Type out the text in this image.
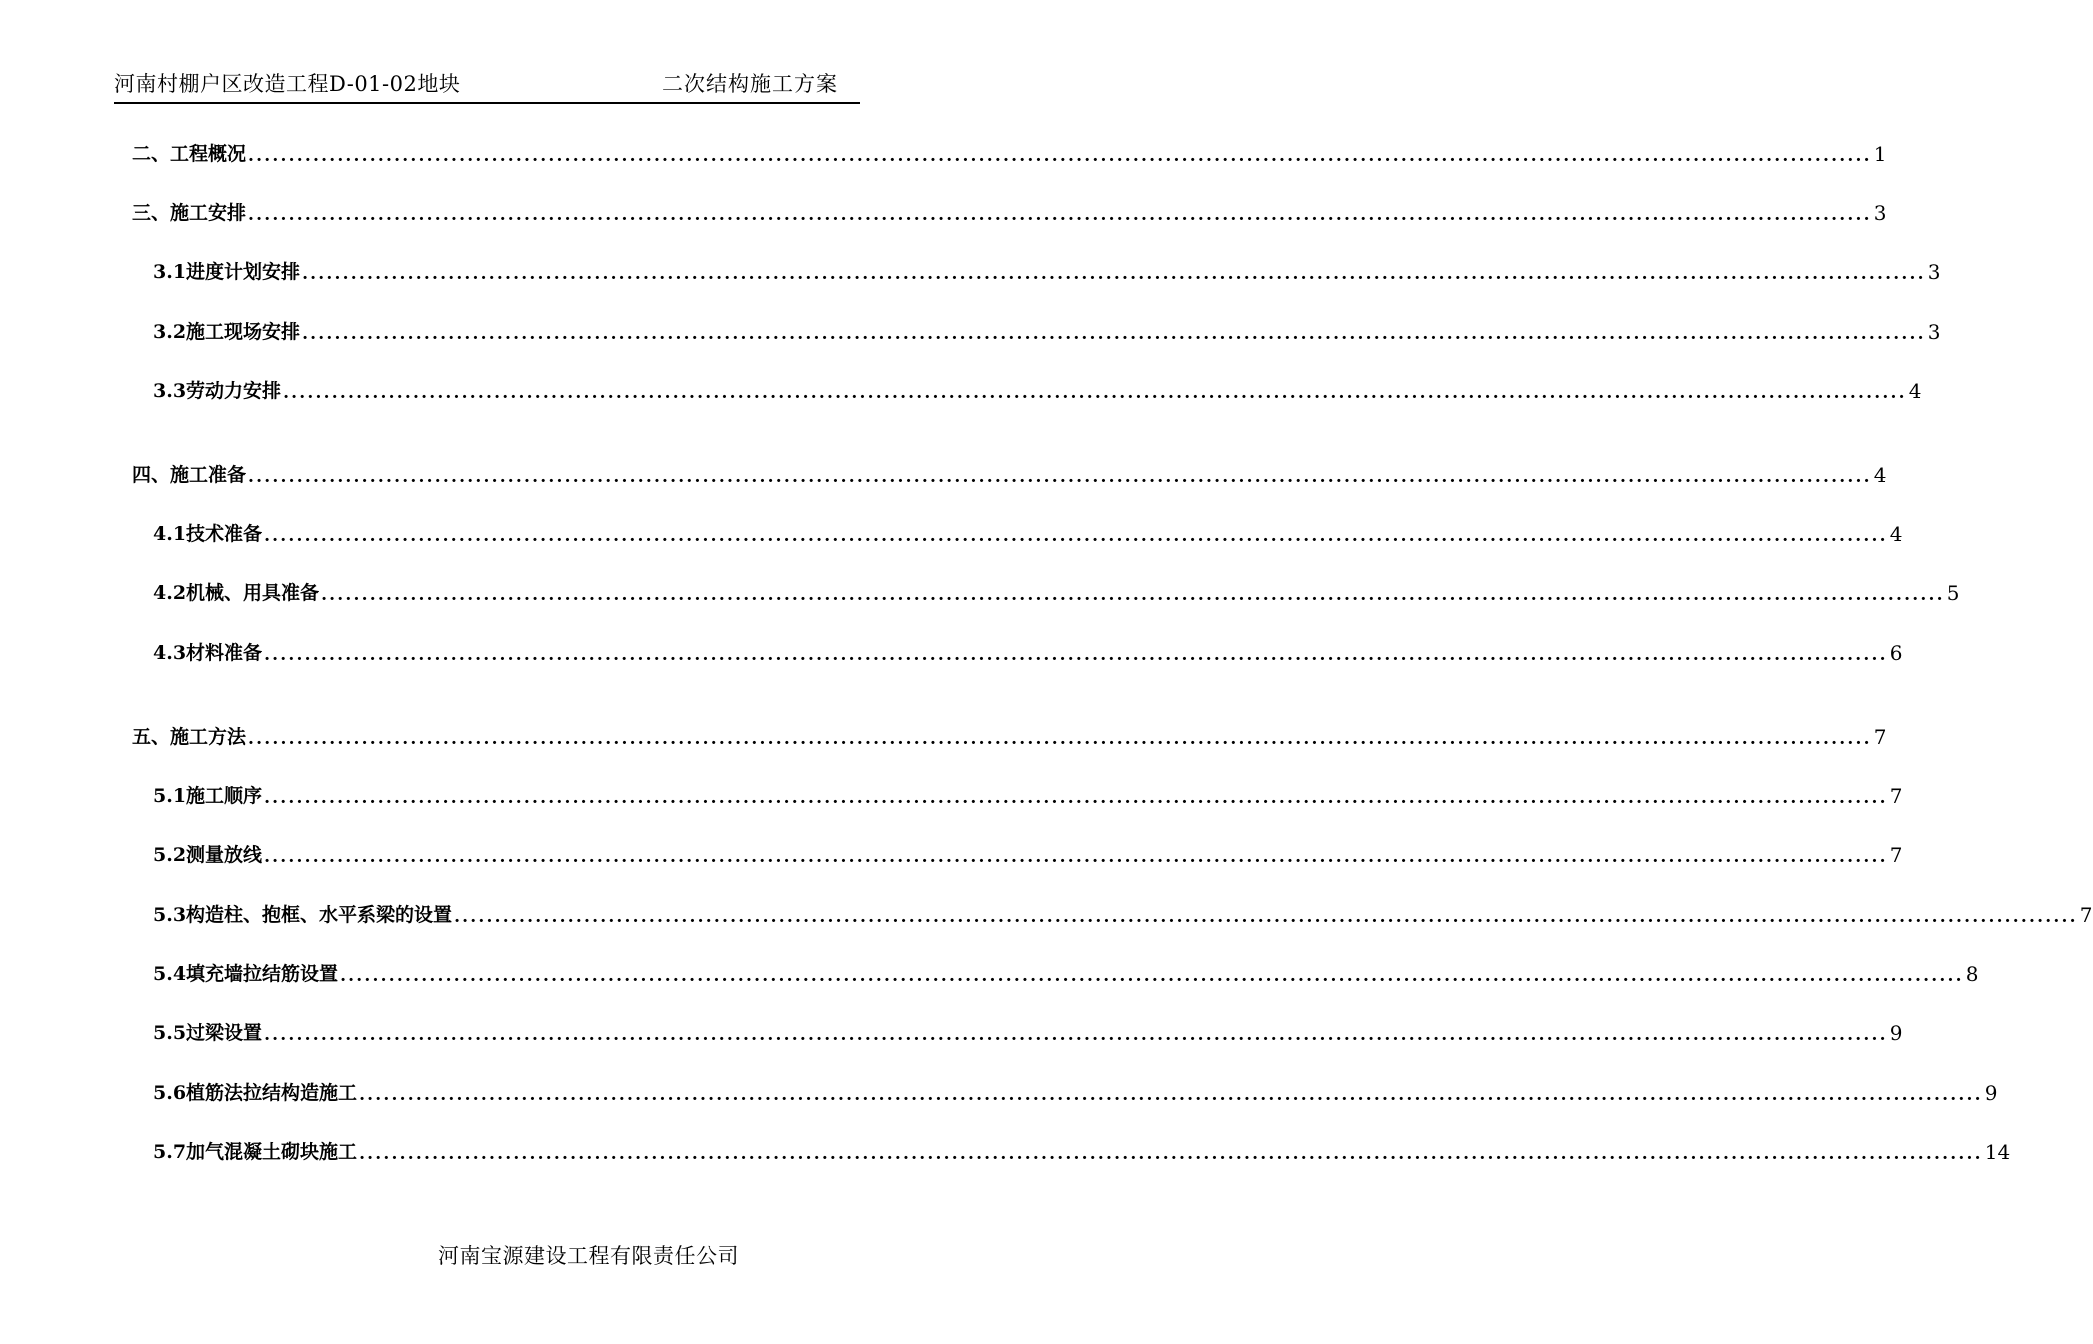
河南村棚户区改造工程D-01-02地块	二次结构施工方案
二、工程概况 ........................................................................................................................................................................................................ 1
三、施工安排 ........................................................................................................................................................................................................ 3
3.1进度计划安排 ........................................................................................................................................................................................................ 3
3.2施工现场安排 ........................................................................................................................................................................................................ 3
3.3劳动力安排 ........................................................................................................................................................................................................ 4
四、施工准备 ........................................................................................................................................................................................................ 4
4.1技术准备 ........................................................................................................................................................................................................ 4
4.2机械、用具准备 ........................................................................................................................................................................................................ 5
4.3材料准备 ........................................................................................................................................................................................................ 6
五、施工方法 ........................................................................................................................................................................................................ 7
5.1施工顺序 ........................................................................................................................................................................................................ 7
5.2测量放线 ........................................................................................................................................................................................................ 7
5.3构造柱、抱框、水平系梁的设置 ........................................................................................................................................................................................................ 7
5.4填充墙拉结筋设置 ........................................................................................................................................................................................................ 8
5.5过梁设置 ........................................................................................................................................................................................................ 9
5.6植筋法拉结构造施工 ........................................................................................................................................................................................................ 9
5.7加气混凝土砌块施工 ........................................................................................................................................................................................................ 14
河南宝源建设工程有限责任公司
